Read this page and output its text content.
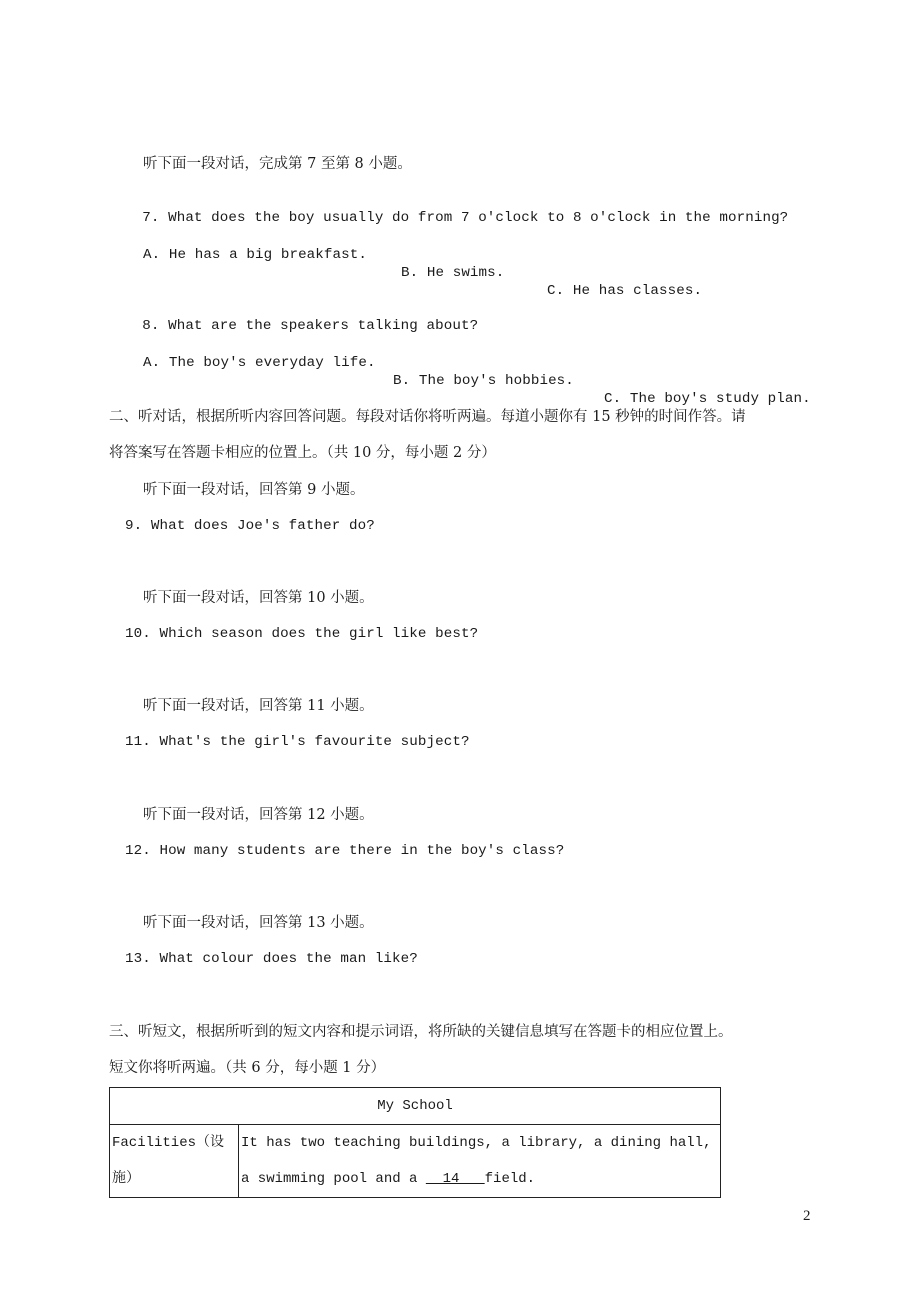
听下面一段对话，完成第 7 至第 8 小题。

7. What does the boy usually do from 7 o'clock to 8 o'clock in the morning?

A. He has a big breakfast.

B. He swims.

C. He has classes.

8. What are the speakers talking about?

A. The boy's everyday life.

B. The boy's hobbies.

C. The boy's study plan.

二、听对话，根据所听内容回答问题。每段对话你将听两遍。每道小题你有 15 秒钟的时间作答。请
将答案写在答题卡相应的位置上。（共 10 分，每小题 2 分）
听下面一段对话，回答第 9 小题。
9. What does Joe's father do?
听下面一段对话，回答第 10 小题。
10. Which season does the girl like best?
听下面一段对话，回答第 11 小题。
11. What's the girl's favourite subject?
听下面一段对话，回答第 12 小题。
12. How many students are there in the boy's class?
听下面一段对话，回答第 13 小题。
13. What colour does the man like?
三、听短文，根据所听到的短文内容和提示词语，将所缺的关键信息填写在答题卡的相应位置上。
短文你将听两遍。（共 6 分，每小题 1 分）
My School
Facilities（设施）	It has two teaching buildings, a library, a dining hall, a swimming pool and a   14   field.
2
